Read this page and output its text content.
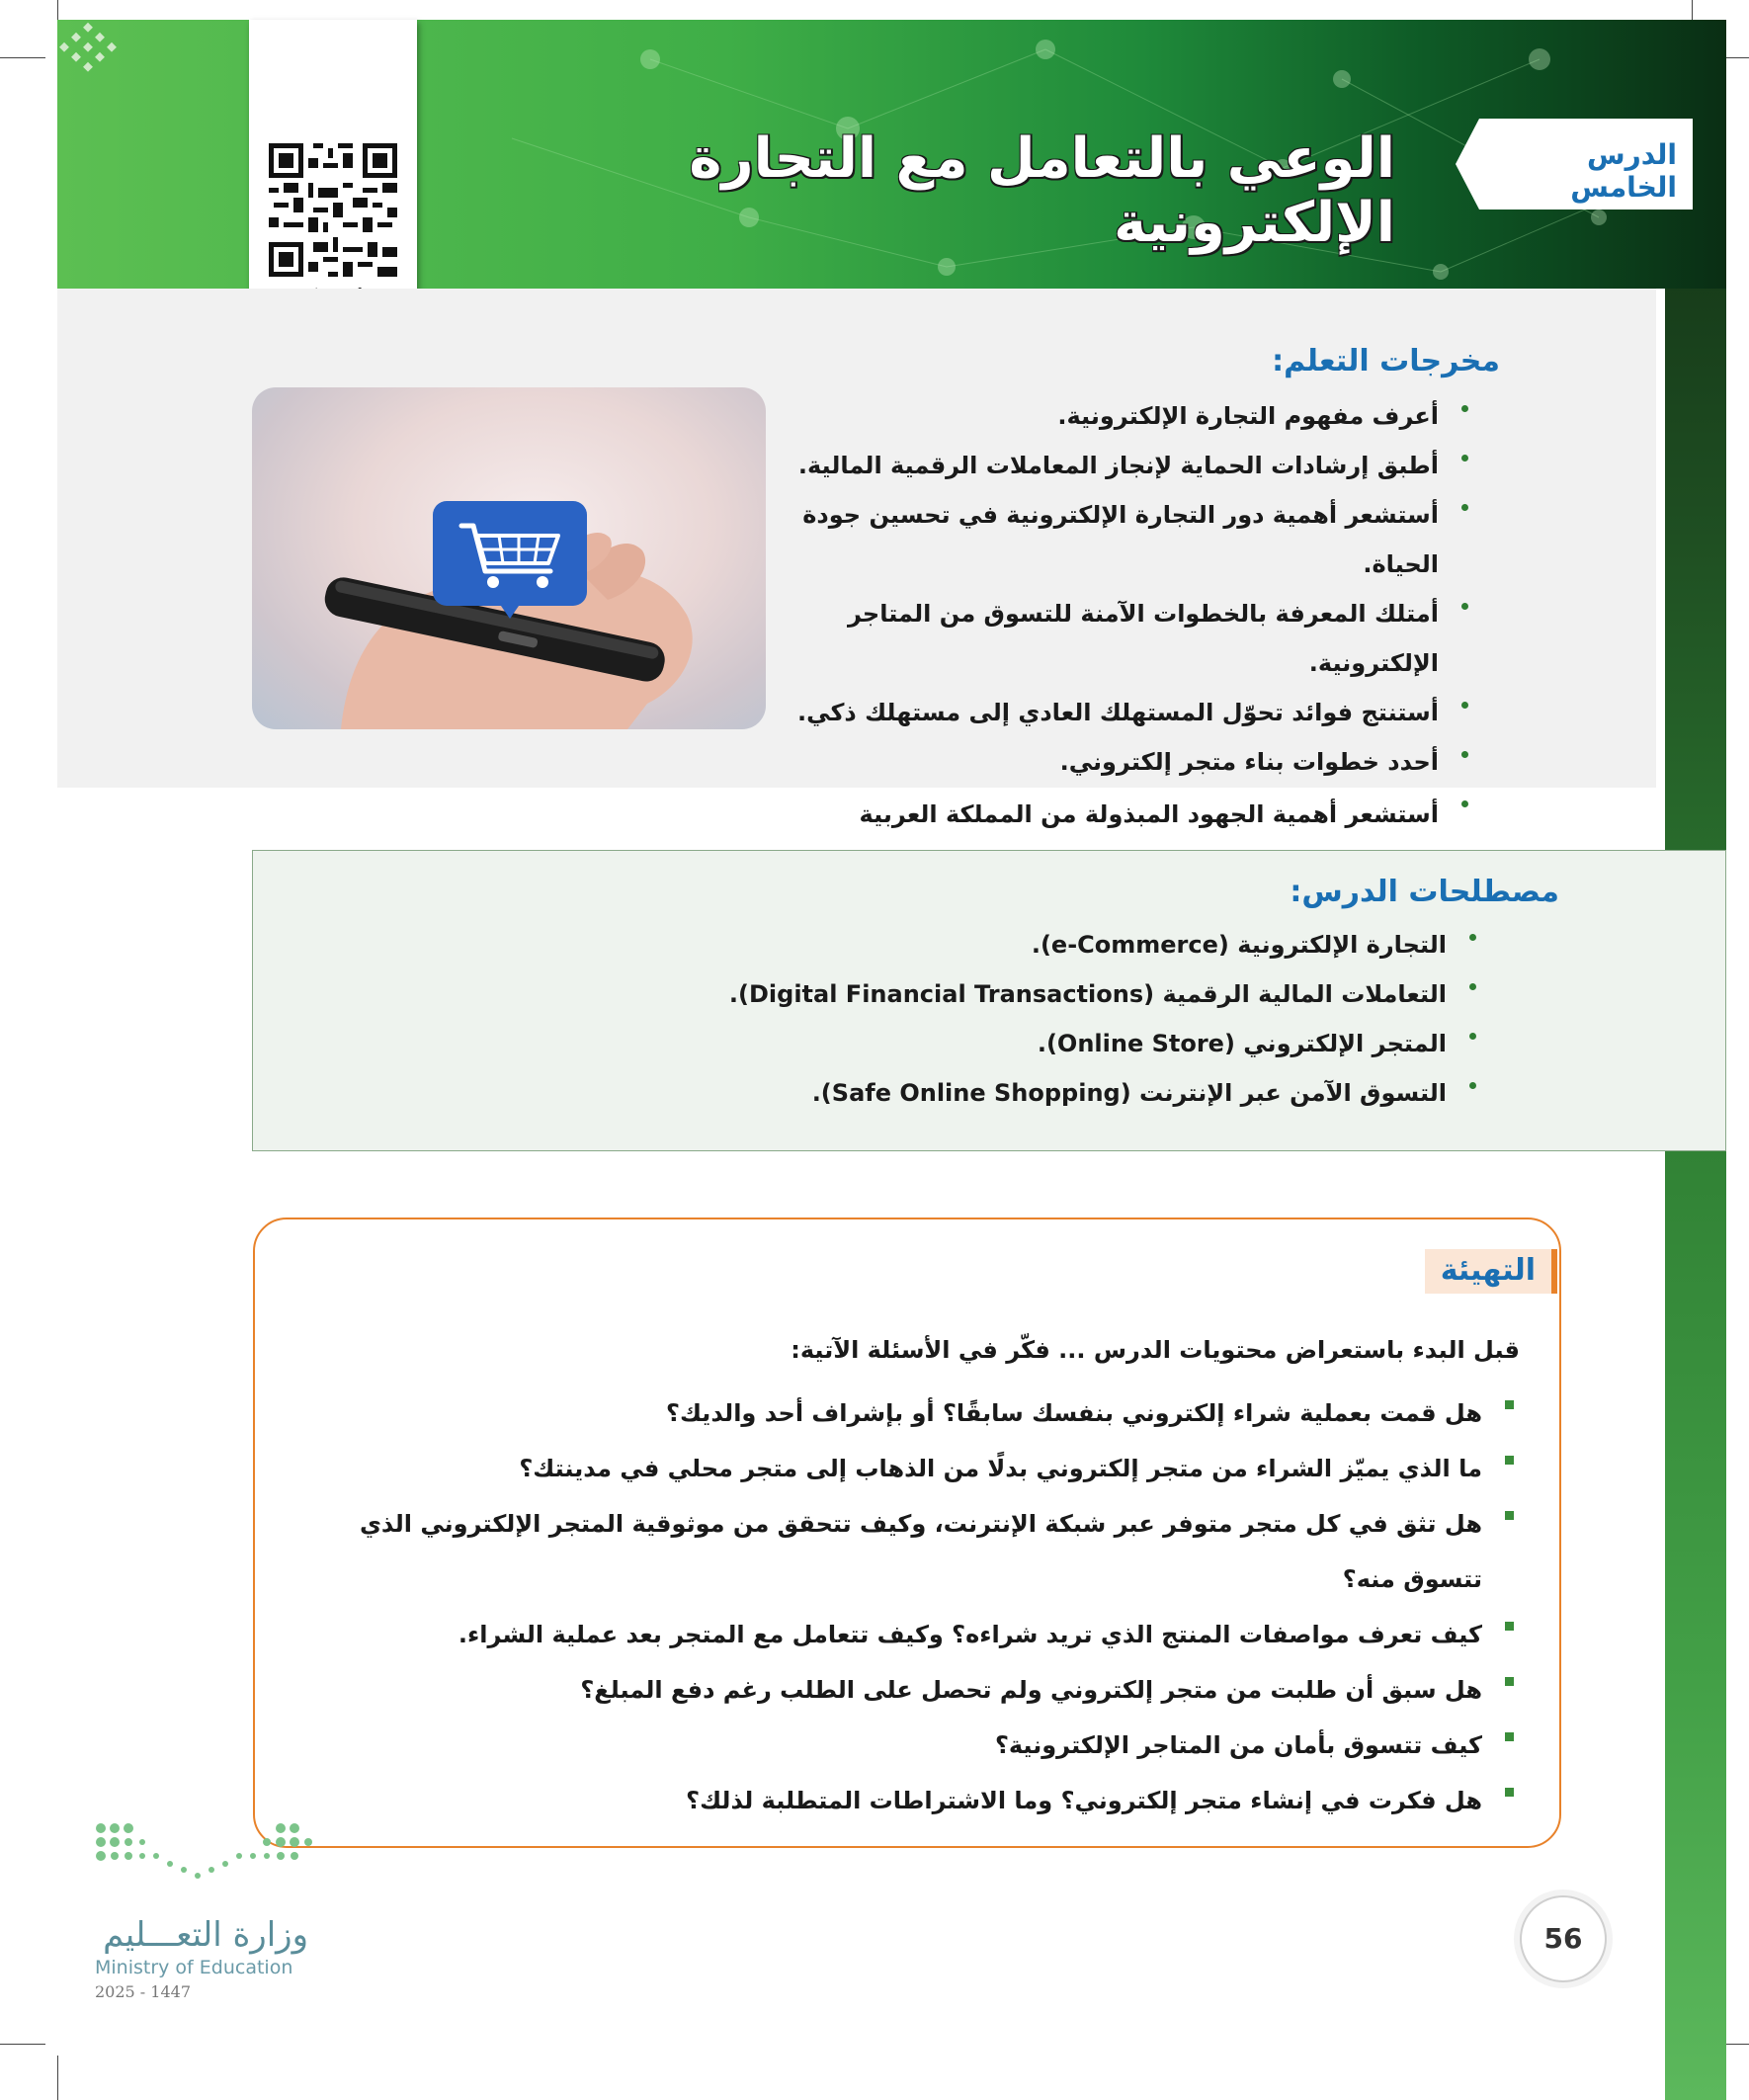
الدرس الخامس
الوعي بالتعامل مع التجارة الإلكترونية
مخرجات التعلم:
أعرف مفهوم التجارة الإلكترونية.
أطبق إرشادات الحماية لإنجاز المعاملات الرقمية المالية.
أستشعر أهمية دور التجارة الإلكترونية في تحسين جودة الحياة.
أمتلك المعرفة بالخطوات الآمنة للتسوق من المتاجر الإلكترونية.
أستنتج فوائد تحوّل المستهلك العادي إلى مستهلك ذكي.
أحدد خطوات بناء متجر إلكتروني.
أستشعر أهمية الجهود المبذولة من المملكة العربية
مصطلحات الدرس:
التجارة الإلكترونية (e-Commerce).
التعاملات المالية الرقمية (Digital Financial Transactions).
المتجر الإلكتروني (Online Store).
التسوق الآمن عبر الإنترنت (Safe Online Shopping).
التهيئة
قبل البدء باستعراض محتويات الدرس ... فكّر في الأسئلة الآتية:
هل قمت بعملية شراء إلكتروني بنفسك سابقًا؟ أو بإشراف أحد والديك؟
ما الذي يميّز الشراء من متجر إلكتروني بدلًا من الذهاب إلى متجر محلي في مدينتك؟
هل تثق في كل متجر متوفر عبر شبكة الإنترنت، وكيف تتحقق من موثوقية المتجر الإلكتروني الذي تتسوق منه؟
كيف تعرف مواصفات المنتج الذي تريد شراءه؟ وكيف تتعامل مع المتجر بعد عملية الشراء.
هل سبق أن طلبت من متجر إلكتروني ولم تحصل على الطلب رغم دفع المبلغ؟
كيف تتسوق بأمان من المتاجر الإلكترونية؟
هل فكرت في إنشاء متجر إلكتروني؟ وما الاشتراطات المتطلبة لذلك؟
وزارة التعـــليم
Ministry of Education
2025 - 1447
56
